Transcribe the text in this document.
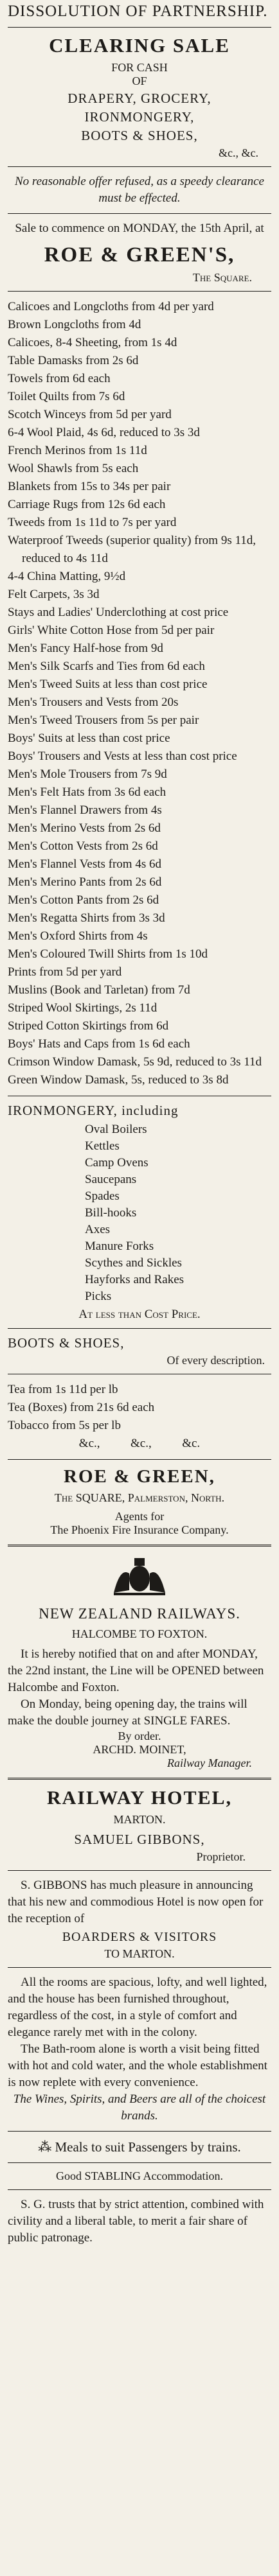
DISSOLUTION OF PARTNERSHIP.
CLEARING SALE
FOR CASH
OF
DRAPERY, GROCERY,
IRONMONGERY,
BOOTS & SHOES,
&c., &c.

No reasonable offer refused, as a speedy clearance must be effected.

Sale to commence on MONDAY, the 15th April, at

ROE & GREEN'S,
The Square.
Calicoes and Longcloths from 4d per yard
Brown Longcloths from 4d
Calicoes, 8-4 Sheeting, from 1s 4d
Table Damasks from 2s 6d
Towels from 6d each
Toilet Quilts from 7s 6d
Scotch Winceys from 5d per yard
6-4 Wool Plaid, 4s 6d, reduced to 3s 3d
French Merinos from 1s 11d
Wool Shawls from 5s each
Blankets from 15s to 34s per pair
Carriage Rugs from 12s 6d each
Tweeds from 1s 11d to 7s per yard
Waterproof Tweeds (superior quality) from 9s 11d, reduced to 4s 11d
4-4 China Matting, 9½d
Felt Carpets, 3s 3d
Stays and Ladies' Underclothing at cost price
Girls' White Cotton Hose from 5d per pair
Men's Fancy Half-hose from 9d
Men's Silk Scarfs and Ties from 6d each
Men's Tweed Suits at less than cost price
Men's Trousers and Vests from 20s
Men's Tweed Trousers from 5s per pair
Boys' Suits at less than cost price
Boys' Trousers and Vests at less than cost price
Men's Mole Trousers from 7s 9d
Men's Felt Hats from 3s 6d each
Men's Flannel Drawers from 4s
Men's Merino Vests from 2s 6d
Men's Cotton Vests from 2s 6d
Men's Flannel Vests from 4s 6d
Men's Merino Pants from 2s 6d
Men's Cotton Pants from 2s 6d
Men's Regatta Shirts from 3s 3d
Men's Oxford Shirts from 4s
Men's Coloured Twill Shirts from 1s 10d
Prints from 5d per yard
Muslins (Book and Tarletan) from 7d
Striped Wool Skirtings, 2s 11d
Striped Cotton Skirtings from 6d
Boys' Hats and Caps from 1s 6d each
Crimson Window Damask, 5s 9d, reduced to 3s 11d
Green Window Damask, 5s, reduced to 3s 8d
IRONMONGERY, including
Oval Boilers
Kettles
Camp Ovens
Saucepans
Spades
Bill-hooks
Axes
Manure Forks
Scythes and Sickles
Hayforks and Rakes
Picks
At less than Cost Price.
BOOTS & SHOES,
Of every description.
Tea from 1s 11d per lb
Tea (Boxes) from 21s 6d each
Tobacco from 5s per lb
&c.,          &c.,          &c.
ROE & GREEN,
The SQUARE, Palmerston, North.
Agents for
The Phoenix Fire Insurance Company.
NEW ZEALAND RAILWAYS.
HALCOMBE TO FOXTON.

It is hereby notified that on and after MONDAY, the 22nd instant, the Line will be OPENED between Halcombe and Foxton.

On Monday, being opening day, the trains will make the double journey at SINGLE FARES.

By order.
ARCHD. MOINET,
Railway Manager.
RAILWAY HOTEL,
MARTON.
SAMUEL GIBBONS,
Proprietor.

S. GIBBONS has much pleasure in announcing that his new and commodious Hotel is now open for the reception of

BOARDERS & VISITORS
TO MARTON.

All the rooms are spacious, lofty, and well lighted, and the house has been furnished throughout, regardless of the cost, in a style of comfort and elegance rarely met with in the colony.

The Bath-room alone is worth a visit being fitted with hot and cold water, and the whole establishment is now replete with every convenience.

The Wines, Spirits, and Beers are all of the choicest brands.

⁂ Meals to suit Passengers by trains.
Good STABLING Accommodation.

S. G. trusts that by strict attention, combined with civility and a liberal table, to merit a fair share of public patronage.
